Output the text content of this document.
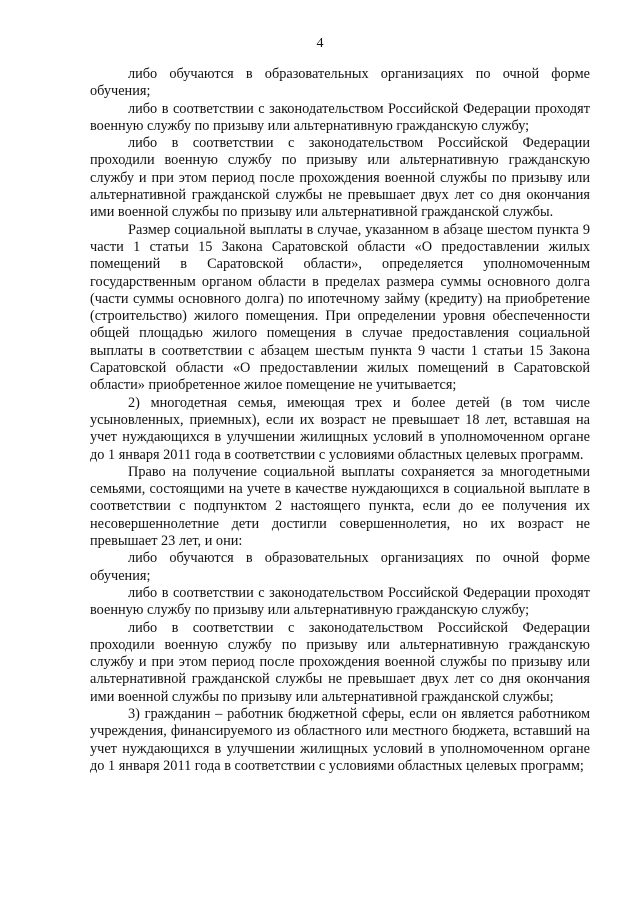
4

либо обучаются в образовательных организациях по очной форме обучения;

либо в соответствии с законодательством Российской Федерации проходят военную службу по призыву или альтернативную гражданскую службу;

либо в соответствии с законодательством Российской Федерации проходили военную службу по призыву или альтернативную гражданскую службу и при этом период после прохождения военной службы по призыву или альтернативной гражданской службы не превышает двух лет со дня окончания ими военной службы по призыву или альтернативной гражданской службы.

Размер социальной выплаты в случае, указанном в абзаце шестом пункта 9 части 1 статьи 15 Закона Саратовской области «О предоставлении жилых помещений в Саратовской области», определяется уполномоченным государственным органом области в пределах размера суммы основного долга (части суммы основного долга) по ипотечному займу (кредиту) на приобретение (строительство) жилого помещения. При определении уровня обеспеченности общей площадью жилого помещения в случае предоставления социальной выплаты в соответствии с абзацем шестым пункта 9 части 1 статьи 15 Закона Саратовской области «О предоставлении жилых помещений в Саратовской области» приобретенное жилое помещение не учитывается;

2) многодетная семья, имеющая трех и более детей (в том числе усыновленных, приемных), если их возраст не превышает 18 лет, вставшая на учет нуждающихся в улучшении жилищных условий в уполномоченном органе до 1 января 2011 года в соответствии с условиями областных целевых программ.

Право на получение социальной выплаты сохраняется за многодетными семьями, состоящими на учете в качестве нуждающихся в социальной выплате в соответствии с подпунктом 2 настоящего пункта, если до ее получения их несовершеннолетние дети достигли совершеннолетия, но их возраст не превышает 23 лет, и они:

либо обучаются в образовательных организациях по очной форме обучения;

либо в соответствии с законодательством Российской Федерации проходят военную службу по призыву или альтернативную гражданскую службу;

либо в соответствии с законодательством Российской Федерации проходили военную службу по призыву или альтернативную гражданскую службу и при этом период после прохождения военной службы по призыву или альтернативной гражданской службы не превышает двух лет со дня окончания ими военной службы по призыву или альтернативной гражданской службы;

3) гражданин – работник бюджетной сферы, если он является работником учреждения, финансируемого из областного или местного бюджета, вставший на учет нуждающихся в улучшении жилищных условий в уполномоченном органе до 1 января 2011 года в соответствии с условиями областных целевых программ;
